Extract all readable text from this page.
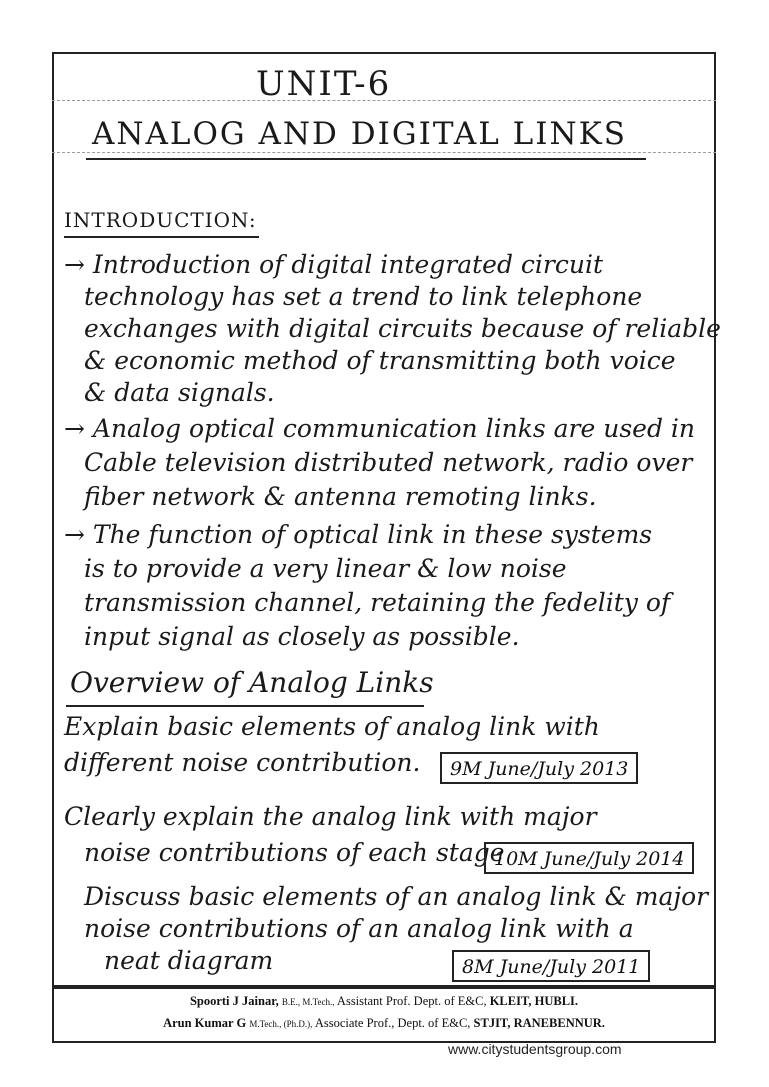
UNIT-6
ANALOG AND DIGITAL LINKS
INTRODUCTION:
→ Introduction of digital integrated circuit
technology has set a trend to link telephone
exchanges with digital circuits because of reliable
& economic method of transmitting both voice
& data signals.
→ Analog optical communication links are used in
Cable television distributed network, radio over
fiber network & antenna remoting links.
→ The function of optical link in these systems
is to provide a very linear & low noise
transmission channel, retaining the fedelity of
input signal as closely as possible.
Overview of Analog Links
Explain basic elements of analog link with
different noise contribution.	9M June/July 2013
Clearly explain the analog link with major
noise contributions of each stage
10M June/July 2014
Discuss basic elements of an analog link & major
noise contributions of an analog link with a
neat diagram	8M June/July 2011
Spoorti J Jainar, B.E., M.Tech., Assistant Prof. Dept. of E&C, KLEIT, HUBLI.
Arun Kumar G M.Tech., (Ph.D.), Associate Prof., Dept. of E&C, STJIT, RANEBENNUR.
www.citystudentsgroup.com
